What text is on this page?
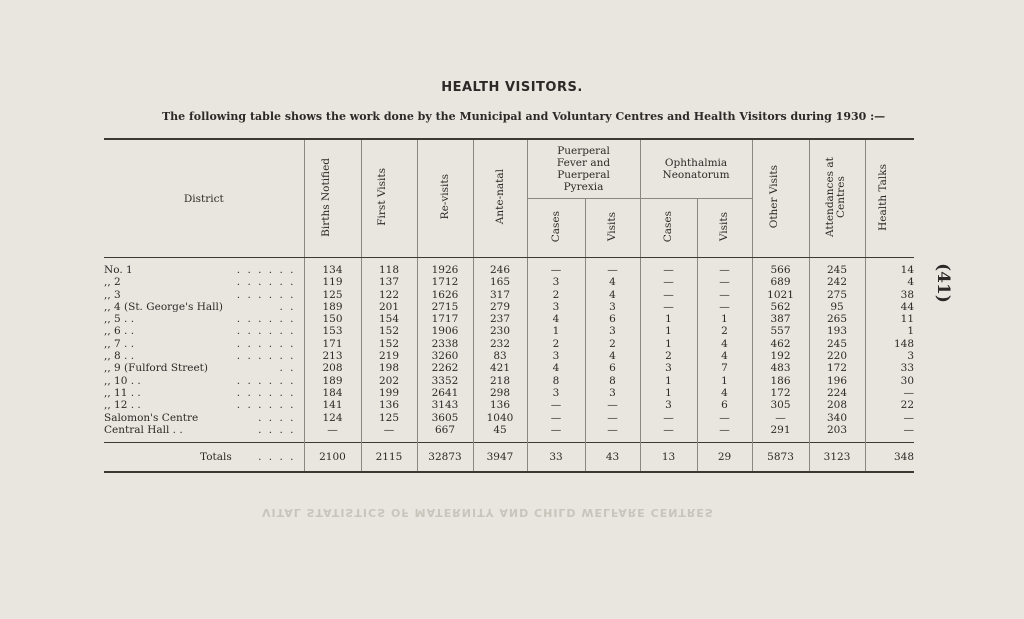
HEALTH VISITORS.
The following table shows the work done by the Municipal and Voluntary Centres and Health Visitors during 1930 :—
(41)
VITAL STATISTICS OF MATERNITY AND CHILD WELFARE CENTRES
District	Births Notified	First Visits	Re-visits	Ante-natal	Puerperal Fever and Puerperal Pyrexia		Ophthalmia Neonatorum		Other Visits	Attendances at Centres	Health Talks
					Cases	Visits	Cases	Visits			

No. 1 . . . . . .	134	118	1926	246	—	—	—	—	566	245	14
,, 2 . . . . . .	119	137	1712	165	3	4	—	—	689	242	4
,, 3 . . . . . .	125	122	1626	317	2	4	—	—	1021	275	38
,, 4 (St. George's Hall) . .	189	201	2715	279	3	3	—	—	562	95	44
,, 5 . . . . . . . .	150	154	1717	237	4	6	1	1	387	265	11
,, 6 . . . . . . . .	153	152	1906	230	1	3	1	2	557	193	1
,, 7 . . . . . . . .	171	152	2338	232	2	2	1	4	462	245	148
,, 8 . . . . . . . .	213	219	3260	83	3	4	2	4	192	220	3
,, 9 (Fulford Street) . .	208	198	2262	421	4	6	3	7	483	172	33
,, 10 . . . . . . . .	189	202	3352	218	8	8	1	1	186	196	30
,, 11 . . . . . . . .	184	199	2641	298	3	3	1	4	172	224	—
,, 12 . . . . . . . .	141	136	3143	136	—	—	3	6	305	208	22
Salomon's Centre . . . .	124	125	3605	1040	—	—	—	—	—	340	—
Central Hall . . . . . .	—	—	667	45	—	—	—	—	291	203	—

Totals . . . .	2100	2115	32873	3947	33	43	13	29	5873	3123	348
